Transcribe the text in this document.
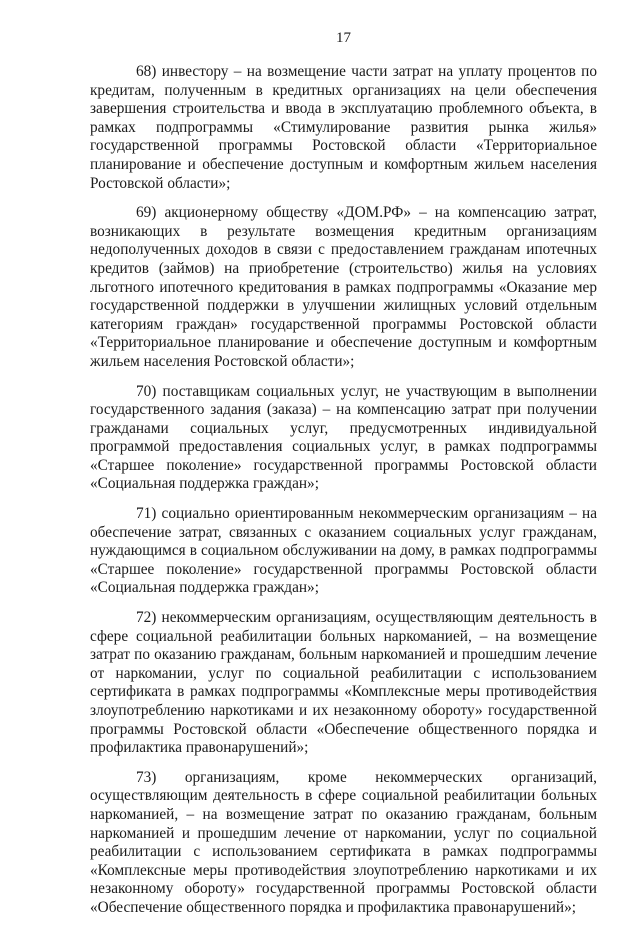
17

68) инвестору – на возмещение части затрат на уплату процентов по кредитам, полученным в кредитных организациях на цели обеспечения завершения строительства и ввода в эксплуатацию проблемного объекта, в рамках подпрограммы «Стимулирование развития рынка жилья» государственной программы Ростовской области «Территориальное планирование и обеспечение доступным и комфортным жильем населения Ростовской области»;

69) акционерному обществу «ДОМ.РФ» – на компенсацию затрат, возникающих в результате возмещения кредитным организациям недополученных доходов в связи с предоставлением гражданам ипотечных кредитов (займов) на приобретение (строительство) жилья на условиях льготного ипотечного кредитования в рамках подпрограммы «Оказание мер государственной поддержки в улучшении жилищных условий отдельным категориям граждан» государственной программы Ростовской области «Территориальное планирование и обеспечение доступным и комфортным жильем населения Ростовской области»;

70) поставщикам социальных услуг, не участвующим в выполнении государственного задания (заказа) – на компенсацию затрат при получении гражданами социальных услуг, предусмотренных индивидуальной программой предоставления социальных услуг, в рамках подпрограммы «Старшее поколение» государственной программы Ростовской области «Социальная поддержка граждан»;

71) социально ориентированным некоммерческим организациям – на обеспечение затрат, связанных с оказанием социальных услуг гражданам, нуждающимся в социальном обслуживании на дому, в рамках подпрограммы «Старшее поколение» государственной программы Ростовской области «Социальная поддержка граждан»;

72) некоммерческим организациям, осуществляющим деятельность в сфере социальной реабилитации больных наркоманией, – на возмещение затрат по оказанию гражданам, больным наркоманией и прошедшим лечение от наркомании, услуг по социальной реабилитации с использованием сертификата в рамках подпрограммы «Комплексные меры противодействия злоупотреблению наркотиками и их незаконному обороту» государственной программы Ростовской области «Обеспечение общественного порядка и профилактика правонарушений»;

73) организациям, кроме некоммерческих организаций, осуществляющим деятельность в сфере социальной реабилитации больных наркоманией, – на возмещение затрат по оказанию гражданам, больным наркоманией и прошедшим лечение от наркомании, услуг по социальной реабилитации с использованием сертификата в рамках подпрограммы «Комплексные меры противодействия злоупотреблению наркотиками и их незаконному обороту» государственной программы Ростовской области «Обеспечение общественного порядка и профилактика правонарушений»;
